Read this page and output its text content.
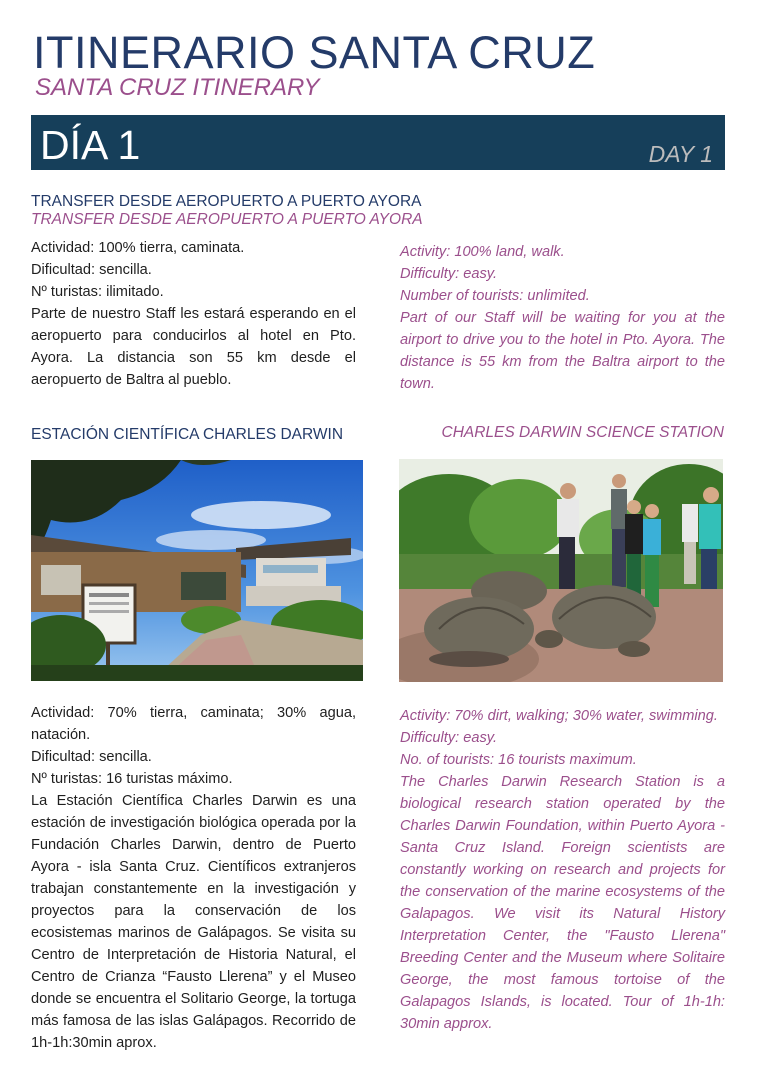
ITINERARIO SANTA CRUZ
SANTA CRUZ ITINERARY
DÍA 1	DAY 1
TRANSFER DESDE AEROPUERTO A PUERTO AYORA
TRANSFER DESDE AEROPUERTO A PUERTO AYORA

Actividad: 100% tierra, caminata.

Dificultad: sencilla.

Nº turistas: ilimitado.

Parte de nuestro Staff les estará esperando en el aeropuerto para conducirlos al hotel en Pto. Ayora. La distancia son 55 km desde el aeropuerto de Baltra al pueblo.

Activity: 100% land, walk.

Difficulty: easy.

Number of tourists: unlimited.

Part of our Staff will be waiting for you at the airport to drive you to the hotel in Pto. Ayora. The distance is 55 km from the Baltra airport to the town.

ESTACIÓN CIENTÍFICA CHARLES DARWIN	CHARLES DARWIN SCIENCE STATION

Actividad: 70% tierra, caminata; 30% agua, natación.

Dificultad: sencilla.

Nº turistas: 16 turistas máximo.

La Estación Científica Charles Darwin es una estación de investigación biológica operada por la Fundación Charles Darwin, dentro de Puerto Ayora - isla Santa Cruz. Científicos extranjeros trabajan constantemente en la investigación y proyectos para la conservación de los ecosistemas marinos de Galápagos. Se visita su Centro de Interpretación de Historia Natural, el Centro de Crianza “Fausto Llerena” y el Museo donde se encuentra el Solitario George, la tortuga más famosa de las islas Galápagos. Recorrido de 1h-1h:30min aprox.

Activity: 70% dirt, walking; 30% water, swimming.

Difficulty: easy.

No. of tourists: 16 tourists maximum.

The Charles Darwin Research Station is a biological research station operated by the Charles Darwin Foundation, within Puerto Ayora -Santa Cruz Island. Foreign scientists are constantly working on research and projects for the conservation of the marine ecosystems of the Galapagos. We visit its Natural History Interpretation Center, the "Fausto Llerena" Breeding Center and the Museum where Solitaire George, the most famous tortoise of the Galapagos Islands, is located. Tour of 1h-1h: 30min approx.
